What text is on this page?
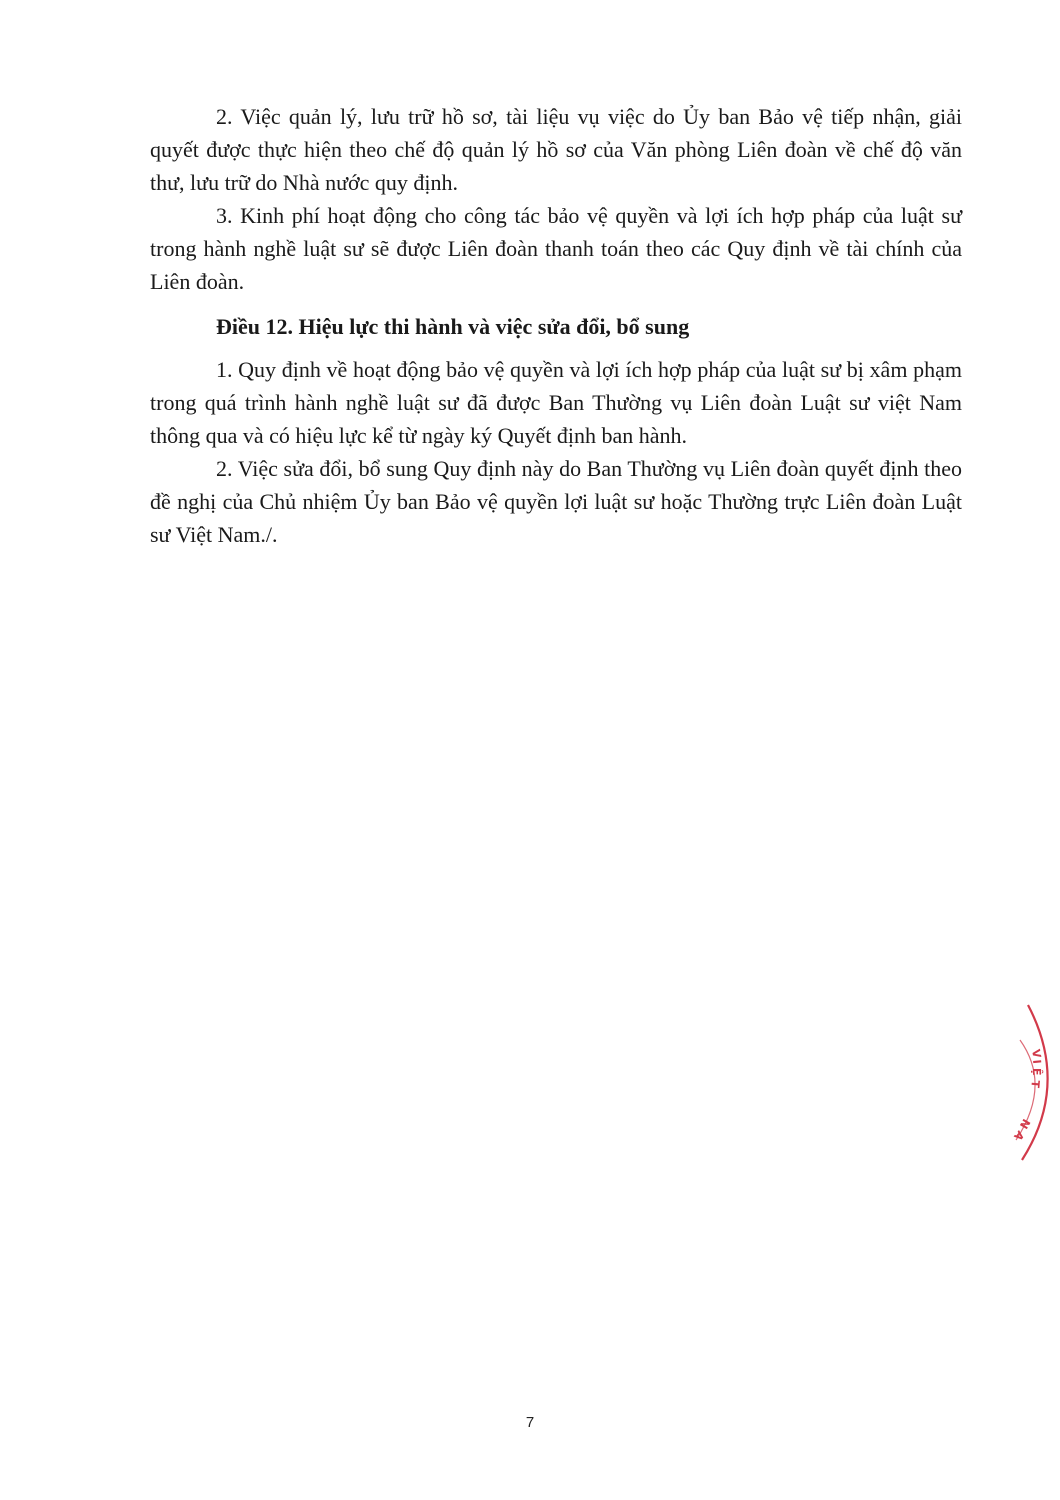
2. Việc quản lý, lưu trữ hồ sơ, tài liệu vụ việc do Ủy ban Bảo vệ tiếp nhận, giải quyết được thực hiện theo chế độ quản lý hồ sơ của Văn phòng Liên đoàn về chế độ văn thư, lưu trữ do Nhà nước quy định.

3. Kinh phí hoạt động cho công tác bảo vệ quyền và lợi ích hợp pháp của luật sư trong hành nghề luật sư sẽ được Liên đoàn thanh toán theo các Quy định về tài chính của Liên đoàn.

Điều 12. Hiệu lực thi hành và việc sửa đổi, bổ sung

1. Quy định về hoạt động bảo vệ quyền và lợi ích hợp pháp của luật sư bị xâm phạm trong quá trình hành nghề luật sư đã được Ban Thường vụ Liên đoàn Luật sư việt Nam thông qua và có hiệu lực kể từ ngày ký Quyết định ban hành.

2. Việc sửa đổi, bổ sung Quy định này do Ban Thường vụ Liên đoàn quyết định theo đề nghị của Chủ nhiệm Ủy ban Bảo vệ quyền lợi luật sư hoặc Thường trực Liên đoàn Luật sư Việt Nam./.

7
V
I
Ệ
T
N
A
